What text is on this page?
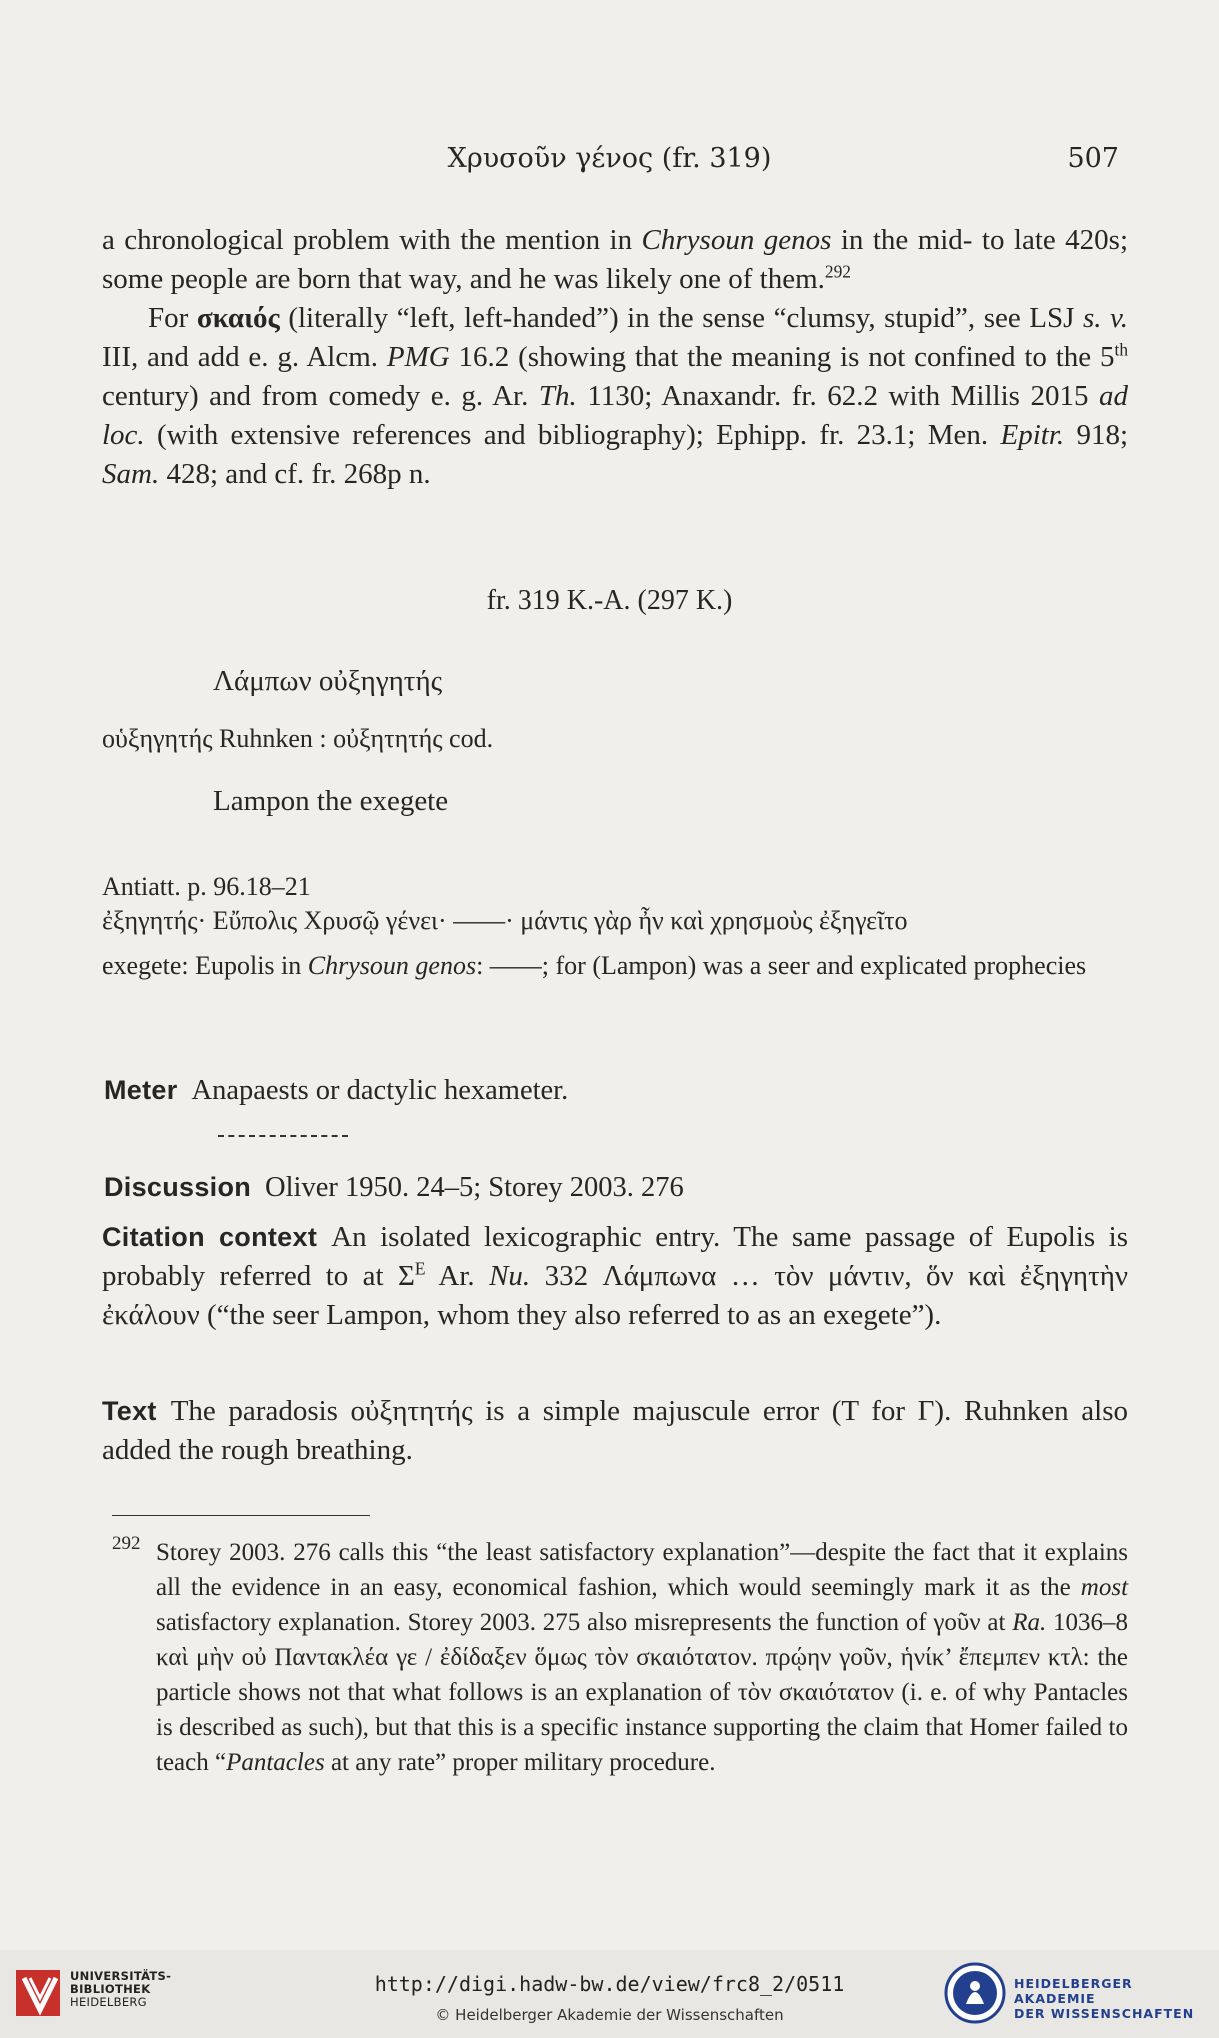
Χρυσοῦν γένος (fr. 319)	507
a chronological problem with the mention in Chrysoun genos in the mid- to late 420s; some people are born that way, and he was likely one of them.$^{292}$
For σκαιός (literally “left, left-handed”) in the sense “clumsy, stupid”, see LSJ s. v. III, and add e. g. Alcm. PMG 16.2 (showing that the meaning is not confined to the 5th century) and from comedy e. g. Ar. Th. 1130; Anaxandr. fr. 62.2 with Millis 2015 ad loc. (with extensive references and bibliography); Ephipp. fr. 23.1; Men. Epitr. 918; Sam. 428; and cf. fr. 268p n.
fr. 319 K.-A. (297 K.)
Λάμπων οὐξηγητής
οὑξηγητής Ruhnken : οὐξητητής cod.
Lampon the exegete
Antiatt. p. 96.18–21
ἐξηγητής· Εὔπολις Χρυσῷ γένει· ——· μάντις γὰρ ἦν καὶ χρησμοὺς ἐξηγεῖτο
exegete: Eupolis in Chrysoun genos: ——; for (Lampon) was a seer and explicated prophecies
Meter Anapaests or dactylic hexameter.
Discussion Oliver 1950. 24–5; Storey 2003. 276
Citation context An isolated lexicographic entry. The same passage of Eupolis is probably referred to at $\Sigma^E$ Ar. Nu. 332 Λάμπωνα … τὸν μάντιν, ὅν καὶ ἐξηγητὴν ἐκάλουν (“the seer Lampon, whom they also referred to as an exegete”).
Text The paradosis οὐξητητής is a simple majuscule error (T for Γ). Ruhnken also added the rough breathing.
292 Storey 2003. 276 calls this “the least satisfactory explanation”—despite the fact that it explains all the evidence in an easy, economical fashion, which would seemingly mark it as the most satisfactory explanation. Storey 2003. 275 also misrepresents the function of γοῦν at Ra. 1036–8 καὶ μὴν οὐ Παντακλέα γε / ἐδίδαξεν ὅμως τὸν σκαιότατον. πρῴην γοῦν, ἡνίκ’ ἔπεμπεν κτλ: the particle shows not that what follows is an explanation of τὸν σκαιότατον (i. e. of why Pantacles is described as such), but that this is a specific instance supporting the claim that Homer failed to teach “Pantacles at any rate” proper military procedure.
UNIVERSITÄTS-
BIBLIOTHEK
HEIDELBERG
http://digi.hadw-bw.de/view/frc8_2/0511
© Heidelberger Akademie der Wissenschaften
HEIDELBERGER AKADEMIE
DER WISSENSCHAFTEN
